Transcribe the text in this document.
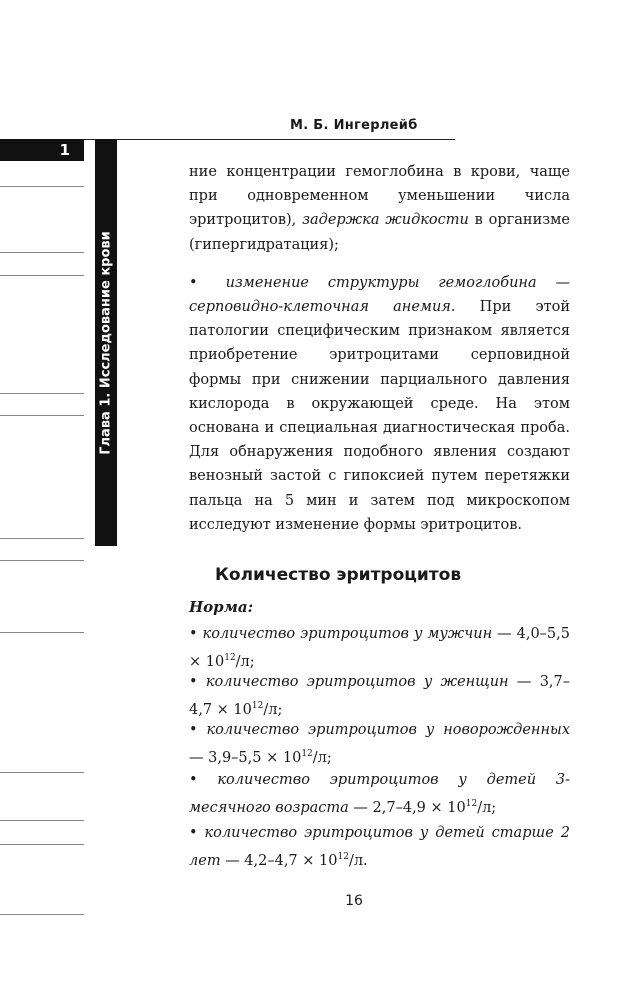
М. Б. Ингерлейб
1
Глава 1. Исследование крови

ние концентрации гемоглобина в крови, чаще при одновременном уменьшении числа эритроцитов), задержка жидкости в организме (гипергидратация);

• изменение структуры гемоглобина — серповидно-клеточная анемия. При этой патологии специфическим признаком является приобретение эритроцитами серповидной формы при снижении парциального давления кислорода в окружающей среде. На этом основана и специальная диагностическая проба. Для обнаружения подобного явления создают венозный застой с гипоксией путем перетяжки пальца на 5 мин и затем под микроскопом исследуют изменение формы эритроцитов.

Количество эритроцитов
Норма:

• количество эритроцитов у мужчин — $4,0-5,5 \times 10^{12}/л$;

• количество эритроцитов у женщин — $3,7-4,7 \times 10^{12}/л$;

• количество эритроцитов у новорожденных — $3,9-5,5 \times 10^{12}/л$;

• количество эритроцитов у детей 3-месячного возраста — $2,7-4,9 \times 10^{12}/л$;

• количество эритроцитов у детей старше 2 лет — $4,2-4,7 \times 10^{12}/л$.

16
